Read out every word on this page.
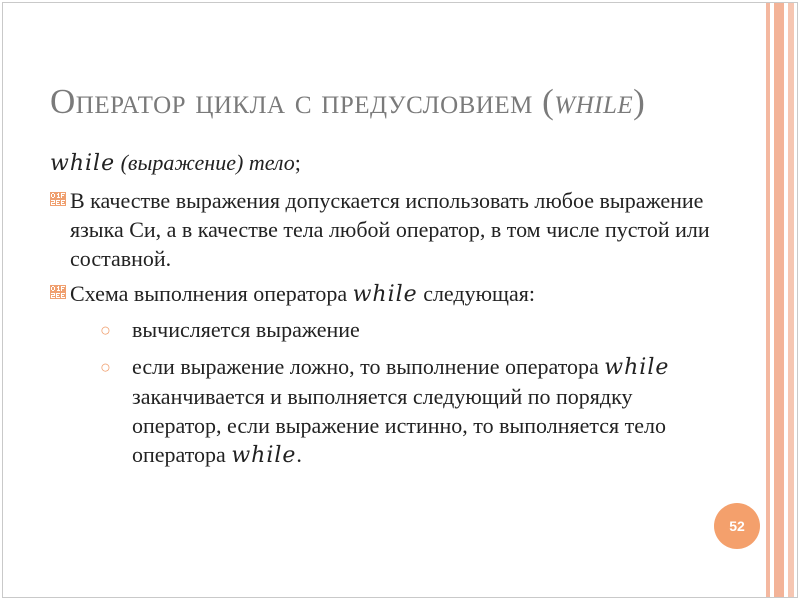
Оператор цикла с предусловием (while)
while (выражение) тело;
🋮 В качестве выражения допускается использовать любое выражение языка Си, а в качестве тела любой оператор, в том числе пустой или составной.
🋮 Схема выполнения оператора while следующая:
○ вычисляется выражение
○ если выражение ложно, то выполнение оператора while заканчивается и выполняется следующий по порядку оператор, если выражение истинно, то выполняется тело оператора while.
52
